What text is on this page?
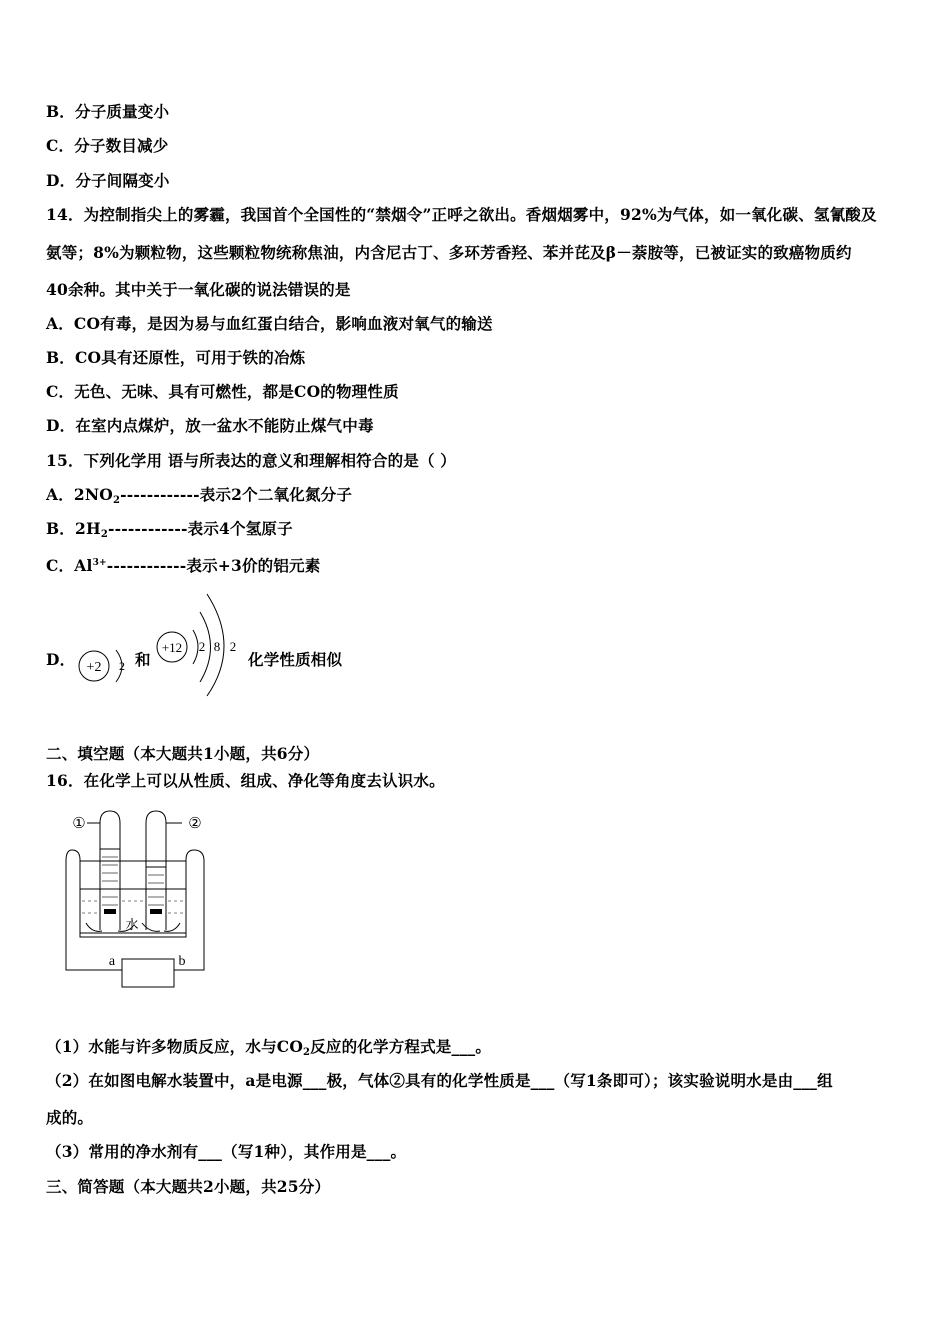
B．分子质量变小
C．分子数目减少
D．分子间隔变小
14．为控制指尖上的雾霾，我国首个全国性的“禁烟令”正呼之欲出。香烟烟雾中，92%为气体，如一氧化碳、氢氰酸及
氨等；8%为颗粒物，这些颗粒物统称焦油，内含尼古丁、多环芳香羟、苯并芘及β－萘胺等，已被证实的致癌物质约
40余种。其中关于一氧化碳的说法错误的是
A．CO有毒，是因为易与血红蛋白结合，影响血液对氧气的输送
B．CO具有还原性，可用于铁的冶炼
C．无色、无味、具有可燃性，都是CO的物理性质
D．在室内点煤炉，放一盆水不能防止煤气中毒
15．下列化学用 语与所表达的意义和理解相符合的是（ ）
A．$2NO_2------------$表示2个二氧化氮分子
B．$2H_2------------$表示4个氢原子
C．$Al^{3+}------------$表示+3价的铝元素
D．	和	化学性质相似
+2 2
+12 2 8 2
二、填空题（本大题共1小题，共6分）
16．在化学上可以从性质、组成、净化等角度去认识水。
①	②
水
a	b
（1）水能与许多物质反应，水与$CO_2$反应的化学方程式是___。
（2）在如图电解水装置中，a是电源___极，气体②具有的化学性质是___（写1条即可）；该实验说明水是由___组
成的。
（3）常用的净水剂有___（写1种），其作用是___。
三、简答题（本大题共2小题，共25分）
